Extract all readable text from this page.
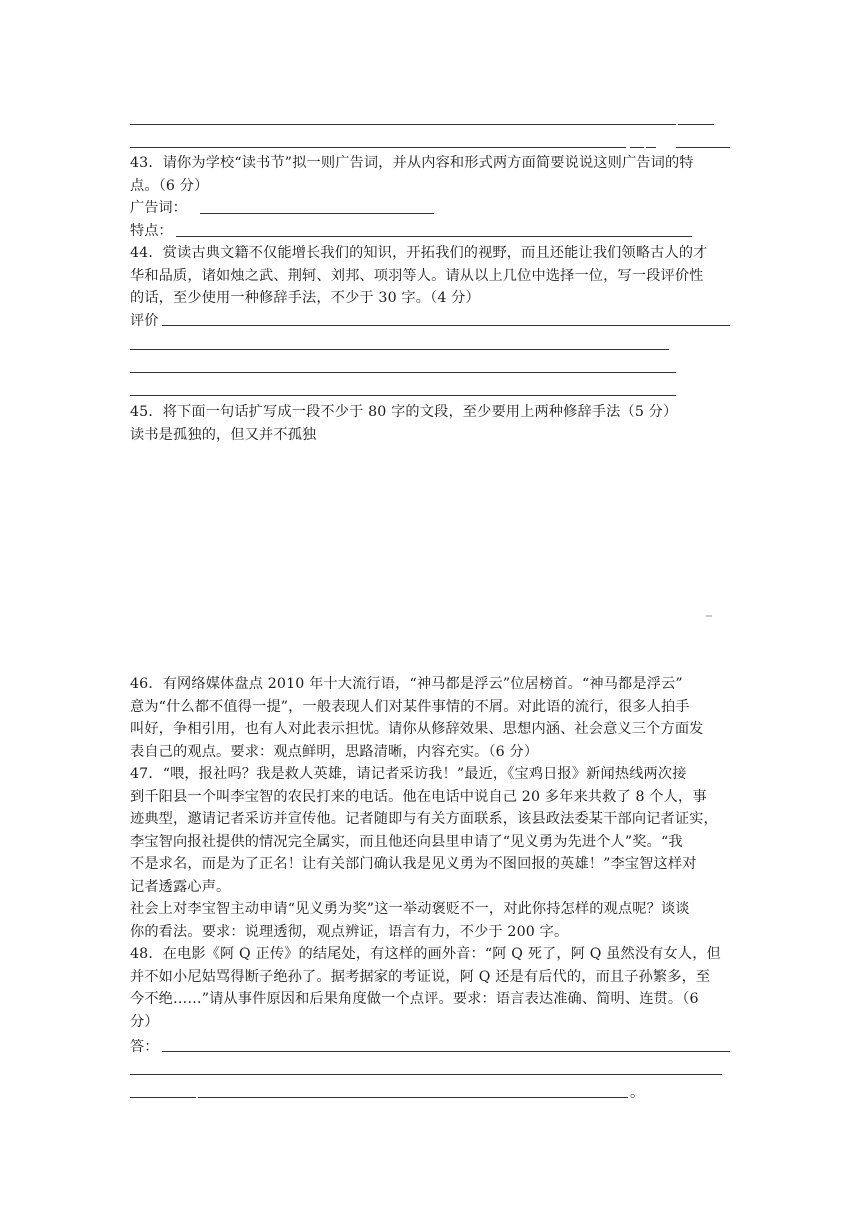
43．请你为学校“读书节”拟一则广告词，并从内容和形式两方面简要说说这则广告词的特
点。（6 分）
广告词：
特点：
44．赏读古典文籍不仅能增长我们的知识，开拓我们的视野，而且还能让我们领略古人的才
华和品质，诸如烛之武、荆轲、刘邦、项羽等人。请从以上几位中选择一位，写一段评价性
的话，至少使用一种修辞手法，不少于 30 字。（4 分）
评价
45．将下面一句话扩写成一段不少于 80 字的文段，至少要用上两种修辞手法（5 分）
读书是孤独的，但又并不孤独
46．有网络媒体盘点 2010 年十大流行语，“神马都是浮云”位居榜首。“神马都是浮云”
意为“什么都不值得一提”，一般表现人们对某件事情的不屑。对此语的流行，很多人拍手
叫好，争相引用，也有人对此表示担忧。请你从修辞效果、思想内涵、社会意义三个方面发
表自己的观点。要求：观点鲜明，思路清晰，内容充实。（6 分）
47．“喂，报社吗？我是救人英雄，请记者采访我！”最近，《宝鸡日报》新闻热线两次接
到千阳县一个叫李宝智的农民打来的电话。他在电话中说自己 20 多年来共救了 8 个人，事
迹典型，邀请记者采访并宣传他。记者随即与有关方面联系，该县政法委某干部向记者证实，
李宝智向报社提供的情况完全属实，而且他还向县里申请了“见义勇为先进个人”奖。“我
不是求名，而是为了正名！让有关部门确认我是见义勇为不图回报的英雄！”李宝智这样对
记者透露心声。
社会上对李宝智主动申请“见义勇为奖”这一举动褒贬不一，对此你持怎样的观点呢？谈谈
你的看法。要求：说理透彻，观点辨证，语言有力，不少于 200 字。
48．在电影《阿 Q 正传》的结尾处，有这样的画外音：“阿 Q 死了，阿 Q 虽然没有女人，但
并不如小尼姑骂得断子绝孙了。据考据家的考证说，阿 Q 还是有后代的，而且子孙繁多，至
今不绝……”请从事件原因和后果角度做一个点评。要求：语言表达准确、简明、连贯。（6
分）
答：
。
